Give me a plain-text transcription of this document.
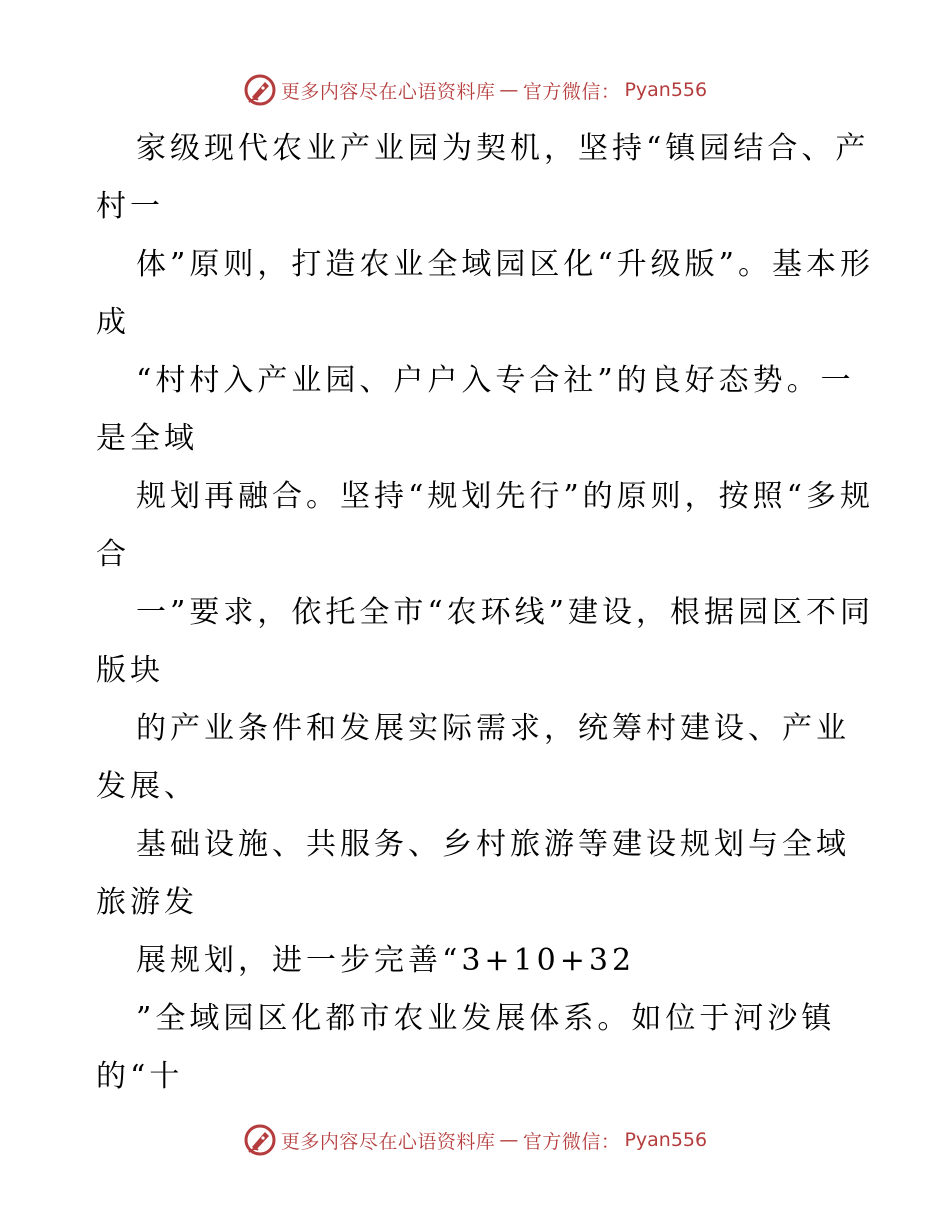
更多内容尽在心语资料库 — 官方微信： Pyan556

家级现代农业产业园为契机，坚持“镇园结合、产村一

体”原则，打造农业全域园区化“升级版”。基本形成

“村村入产业园、户户入专合社”的良好态势。一是全域

规划再融合。坚持“规划先行”的原则，按照“多规合

一”要求，依托全市“农环线”建设，根据园区不同版块

的产业条件和发展实际需求，统筹村建设、产业发展、

基础设施、共服务、乡村旅游等建设规划与全域旅游发

展规划，进一步完善“3+10+32

”全域园区化都市农业发展体系。如位于河沙镇的“十

更多内容尽在心语资料库 — 官方微信： Pyan556
